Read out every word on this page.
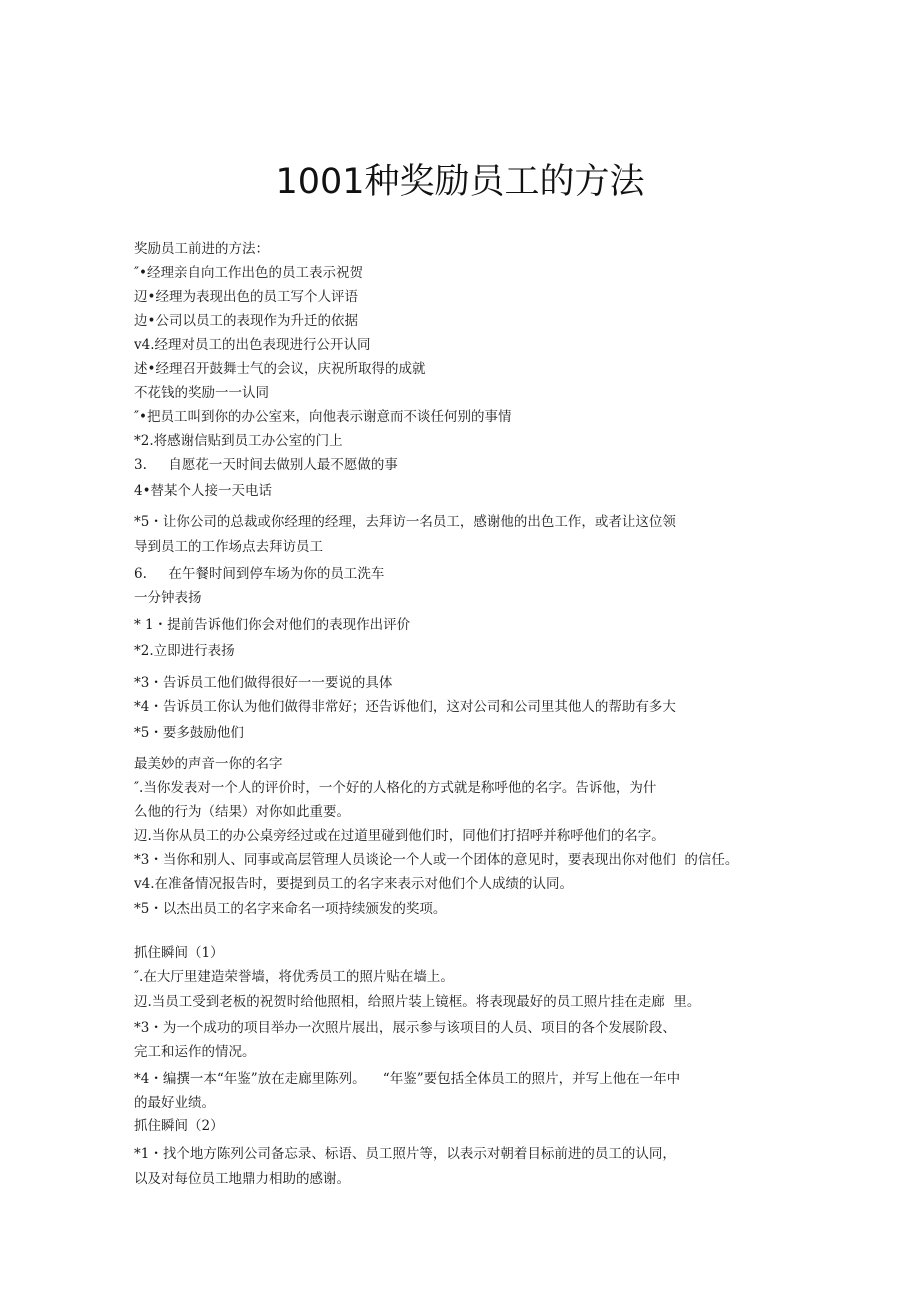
1001种奖励员工的方法
奖励员工前进的方法：
″•经理亲自向工作出色的员工表示祝贺
辺•经理为表现出色的员工写个人评语
边•公司以员工的表现作为升迁的依据
v4.经理对员工的出色表现进行公开认同
述•经理召开鼓舞士气的会议，庆祝所取得的成就
不花钱的奖励一一认同
″•把员工叫到你的办公室来，向他表示谢意而不谈任何别的事情
*2.将感谢信贴到员工办公室的门上
3.     自愿花一天时间去做别人最不愿做的事
4•替某个人接一天电话
*5・让你公司的总裁或你经理的经理，去拜访一名员工，感谢他的出色工作，或者让这位领
导到员工的工作场点去拜访员工
6.     在午餐时间到停车场为你的员工洗车
一分钟表扬
* 1・提前告诉他们你会对他们的表现作出评价
*2.立即进行表扬
*3・告诉员工他们做得很好一一要说的具体
*4・告诉员工你认为他们做得非常好；还告诉他们，这对公司和公司里其他人的帮助有多大
*5・要多鼓励他们
最美妙的声音一你的名字
″.当你发表对一个人的评价时，一个好的人格化的方式就是称呼他的名字。告诉他，为什
么他的行为（结果）对你如此重要。
辺.当你从员工的办公桌旁经过或在过道里碰到他们时，同他们打招呼并称呼他们的名字。
*3・当你和别人、同事或高层管理人员谈论一个人或一个团体的意见时，要表现出你对他们  的信任。
v4.在准备情况报告时，要提到员工的名字来表示对他们个人成绩的认同。
*5・以杰出员工的名字来命名一项持续颁发的奖项。
抓住瞬间（1）
″.在大厅里建造荣誉墙，将优秀员工的照片贴在墙上。
辺.当员工受到老板的祝贺时给他照相，给照片装上镜框。将表现最好的员工照片挂在走廊  里。
*3・为一个成功的项目举办一次照片展出，展示参与该项目的人员、项目的各个发展阶段、
完工和运作的情况。
*4・编撰一本“年鉴”放在走廊里陈列。    “年鉴”要包括全体员工的照片，并写上他在一年中
的最好业绩。
抓住瞬间（2）
*1・找个地方陈列公司备忘录、标语、员工照片等，以表示对朝着目标前进的员工的认同，
以及对每位员工地鼎力相助的感谢。
